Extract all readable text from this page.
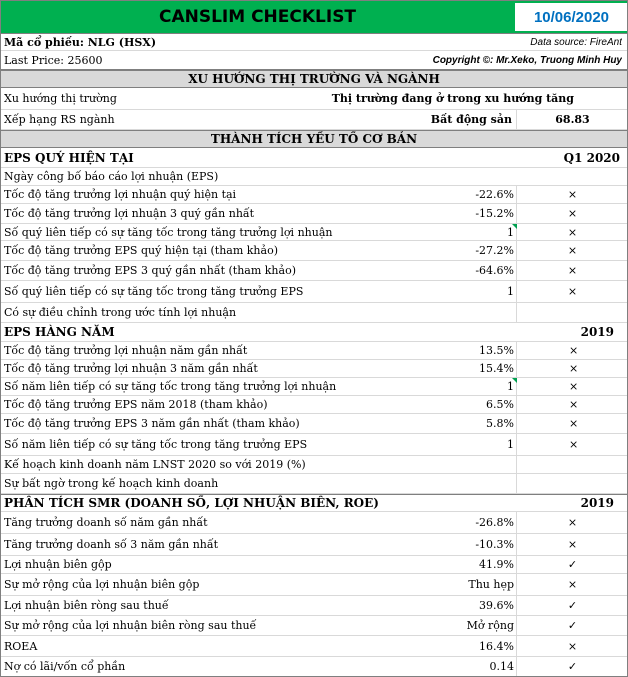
CANSLIM CHECKLIST	10/06/2020
Mã cổ phiếu: NLG (HSX)	Data source: FireAnt
Last Price: 25600	Copyright ©: Mr.Xeko, Truong Minh Huy
XU HƯỚNG THỊ TRƯỜNG VÀ NGÀNH
Xu hướng thị trường	Thị trường đang ở trong xu hướng tăng
Xếp hạng RS ngành	Bất động sản	68.83
THÀNH TÍCH YẾU TỐ CƠ BẢN
EPS QUÝ HIỆN TẠI	Q1 2020
Ngày công bố báo cáo lợi nhuận (EPS)
Tốc độ tăng trưởng lợi nhuận quý hiện tại	-22.6%	×
Tốc độ tăng trưởng lợi nhuận 3 quý gần nhất	-15.2%	×
Số quý liên tiếp có sự tăng tốc trong tăng trưởng lợi nhuận	1	×
Tốc độ tăng trưởng EPS quý hiện tại (tham khảo)	-27.2%	×
Tốc độ tăng trưởng EPS 3 quý gần nhất (tham khảo)	-64.6%	×
Số quý liên tiếp có sự tăng tốc trong tăng trưởng EPS	1	×
Có sự điều chỉnh trong ước tính lợi nhuận
EPS HÀNG NĂM	2019
Tốc độ tăng trưởng lợi nhuận năm gần nhất	13.5%	×
Tốc độ tăng trưởng lợi nhuận 3 năm gần nhất	15.4%	×
Số năm liên tiếp có sự tăng tốc trong tăng trưởng lợi nhuận	1	×
Tốc độ tăng trưởng EPS năm 2018 (tham khảo)	6.5%	×
Tốc độ tăng trưởng EPS 3 năm gần nhất (tham khảo)	5.8%	×
Số năm liên tiếp có sự tăng tốc trong tăng trưởng EPS	1	×
Kế hoạch kinh doanh năm LNST 2020 so với 2019 (%)
Sự bất ngờ trong kế hoạch kinh doanh
PHÂN TÍCH SMR (DOANH SỐ, LỢI NHUẬN BIÊN, ROE)	2019
Tăng trưởng doanh số năm gần nhất	-26.8%	×
Tăng trưởng doanh số 3 năm gần nhất	-10.3%	×
Lợi nhuận biên gộp	41.9%	✓
Sự mở rộng của lợi nhuận biên gộp	Thu hẹp	×
Lợi nhuận biên ròng sau thuế	39.6%	✓
Sự mở rộng của lợi nhuận biên ròng sau thuế	Mở rộng	✓
ROEA	16.4%	×
Nợ có lãi/vốn cổ phần	0.14	✓
